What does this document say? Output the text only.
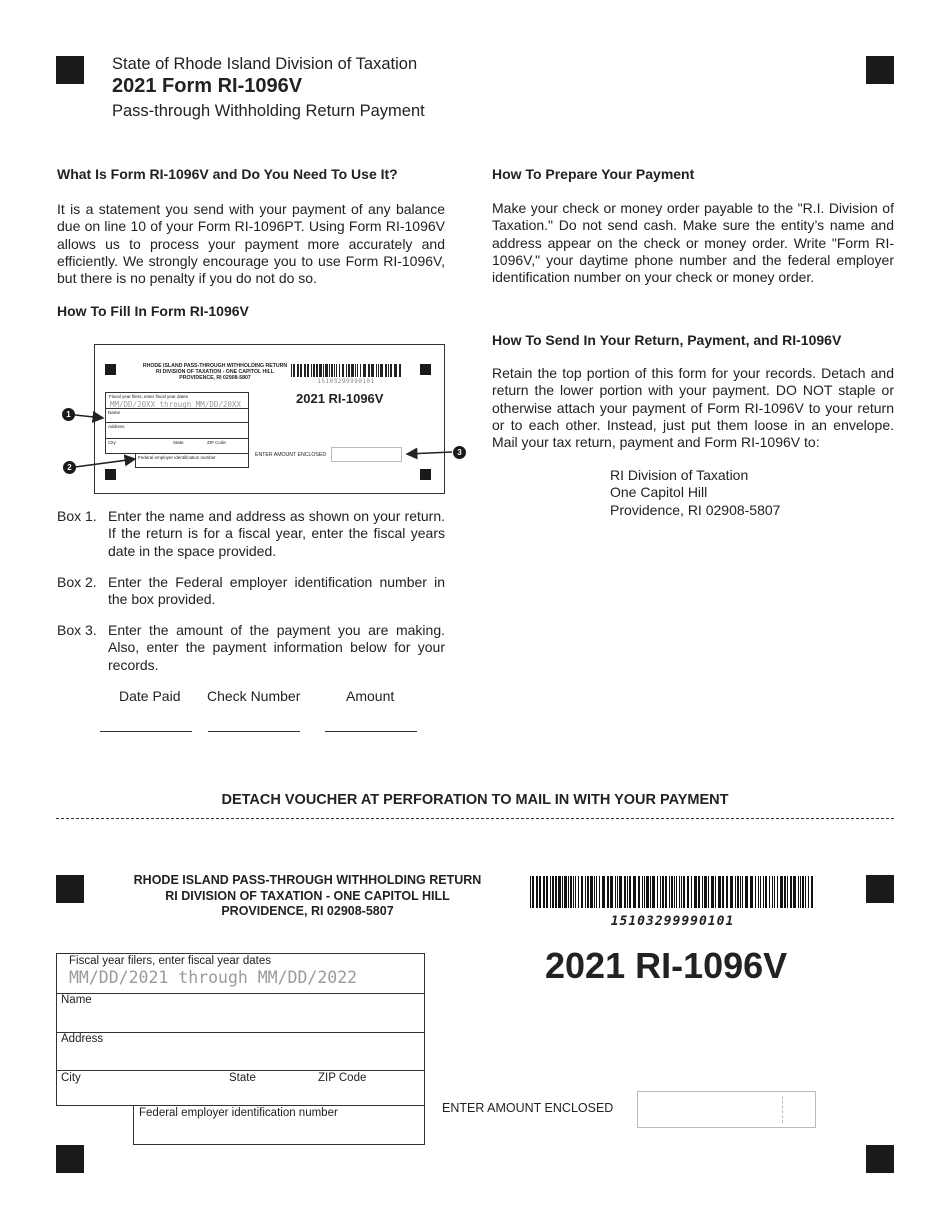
State of Rhode Island Division of Taxation
2021 Form RI-1096V
Pass-through Withholding Return Payment
What Is Form RI-1096V and Do You Need To Use It?
It is a statement you send with your payment of any balance due on line 10 of your Form RI-1096PT. Using Form RI-1096V allows us to process your payment more accurately and efficiently. We strongly encourage you to use Form RI-1096V, but there is no penalty if you do not do so.
How To Fill In Form RI-1096V
RHODE ISLAND PASS-THROUGH WITHHOLDING RETURN
RI DIVISION OF TAXATION - ONE CAPITOL HILL
PROVIDENCE, RI 02908-5807	15103299990101
2021 RI-1096V
Fiscal year filers, enter fiscal year dates
MM/DD/20XX through MM/DD/20XX
Name
Address
City	State	ZIP Code
Federal employer identification number	ENTER AMOUNT ENCLOSED
1
2
3
Box 1. Enter the name and address as shown on your return. If the return is for a fiscal year, enter the fiscal years date in the space provided.
Box 2. Enter the Federal employer identification number in the box provided.
Box 3. Enter the amount of the payment you are making. Also, enter the payment information below for your records.
Date Paid Check Number	Amount
How To Prepare Your Payment
Make your check or money order payable to the "R.I. Division of Taxation." Do not send cash. Make sure the entity’s name and address appear on the check or money order. Write "Form RI-1096V," your daytime phone number and the federal employer identification number on your check or money order.
How To Send In Your Return, Payment, and RI-1096V
Retain the top portion of this form for your records. Detach and return the lower portion with your payment. DO NOT staple or otherwise attach your payment of Form RI-1096V to your return or to each other. Instead, just put them loose in an envelope. Mail your tax return, payment and Form RI-1096V to:
RI Division of Taxation
One Capitol Hill
Providence, RI 02908-5807
DETACH VOUCHER AT PERFORATION TO MAIL IN WITH YOUR PAYMENT
RHODE ISLAND PASS-THROUGH WITHHOLDING RETURN
RI DIVISION OF TAXATION - ONE CAPITOL HILL
PROVIDENCE, RI 02908-5807
15103299990101
2021 RI-1096V
Fiscal year filers, enter fiscal year dates
MM/DD/2021 through MM/DD/2022
Name
Address
City	State	ZIP Code
Federal employer identification number	ENTER AMOUNT ENCLOSED
